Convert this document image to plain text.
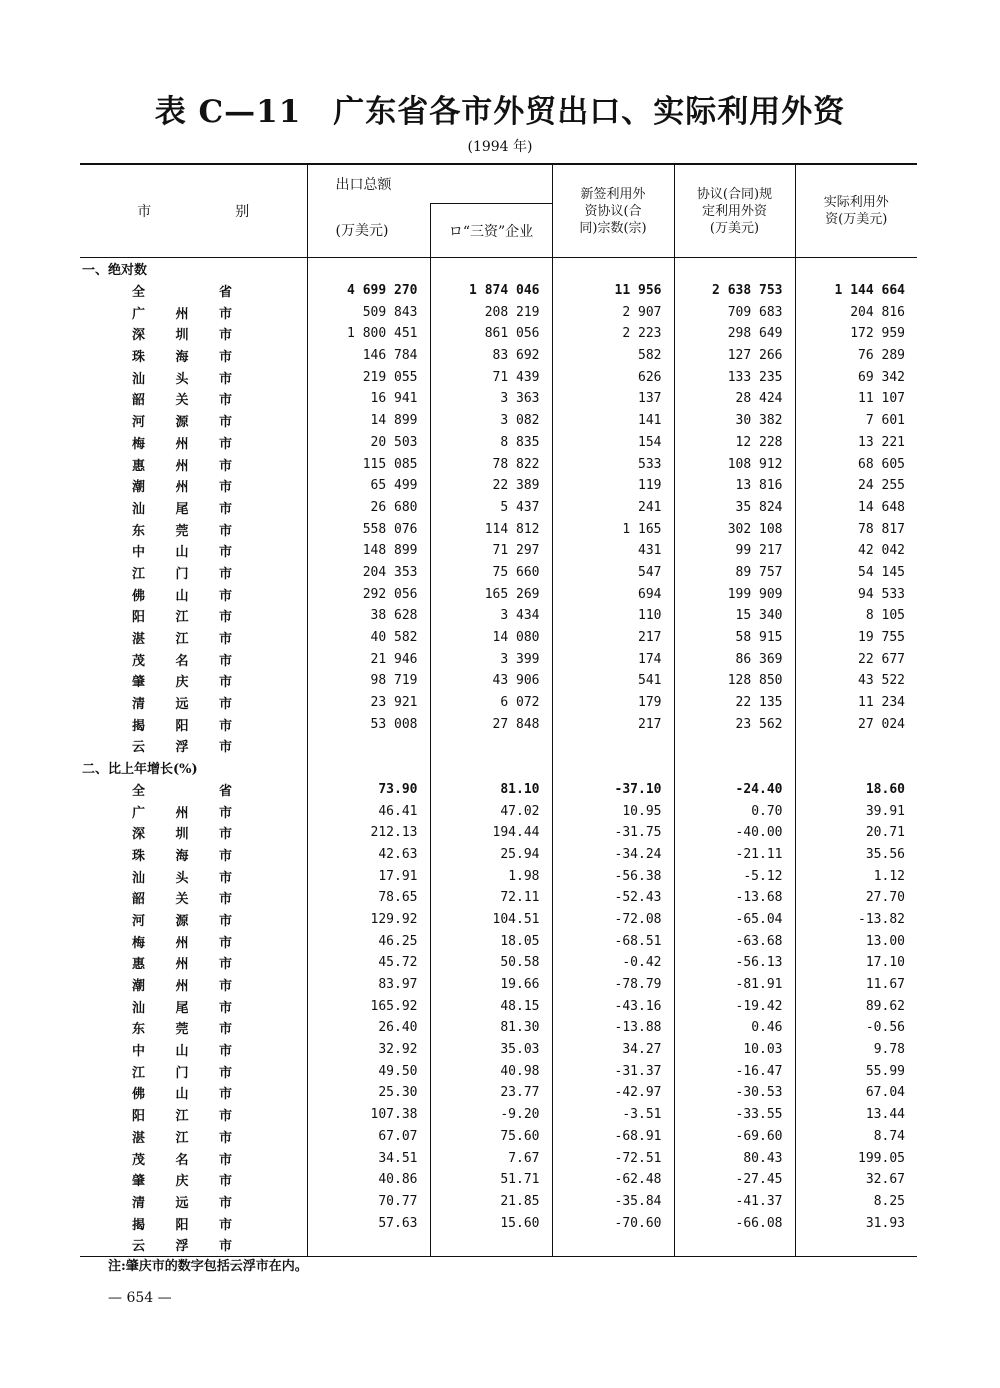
表 C—11　广东省各市外贸出口、实际利用外资
(1994 年)
市　　　　　　别	出口总额		新签利用外资协议(合　同)宗数(宗)	协议(合同)规定利用外资(万美元)	实际利用外　　资(万美元)

	(万美元)	ロ“三资”企业			
一、绝对数					
全　省	4 699 270	1 874 046	11 956	2 638 753	1 144 664
广州市	509 843	208 219	2 907	709 683	204 816
深圳市	1 800 451	861 056	2 223	298 649	172 959
珠海市	146 784	83 692	582	127 266	76 289
汕头市	219 055	71 439	626	133 235	69 342
韶关市	16 941	3 363	137	28 424	11 107
河源市	14 899	3 082	141	30 382	7 601
梅州市	20 503	8 835	154	12 228	13 221
惠州市	115 085	78 822	533	108 912	68 605
潮州市	65 499	22 389	119	13 816	24 255
汕尾市	26 680	5 437	241	35 824	14 648
东莞市	558 076	114 812	1 165	302 108	78 817
中山市	148 899	71 297	431	99 217	42 042
江门市	204 353	75 660	547	89 757	54 145
佛山市	292 056	165 269	694	199 909	94 533
阳江市	38 628	3 434	110	15 340	8 105
湛江市	40 582	14 080	217	58 915	19 755
茂名市	21 946	3 399	174	86 369	22 677
肇庆市	98 719	43 906	541	128 850	43 522
清远市	23 921	6 072	179	22 135	11 234
揭阳市	53 008	27 848	217	23 562	27 024
云浮市					
二、比上年增长(%)					
全　省	73.90	81.10	-37.10	-24.40	18.60
广州市	46.41	47.02	10.95	0.70	39.91
深圳市	212.13	194.44	-31.75	-40.00	20.71
珠海市	42.63	25.94	-34.24	-21.11	35.56
汕头市	17.91	1.98	-56.38	-5.12	1.12
韶关市	78.65	72.11	-52.43	-13.68	27.70
河源市	129.92	104.51	-72.08	-65.04	-13.82
梅州市	46.25	18.05	-68.51	-63.68	13.00
惠州市	45.72	50.58	-0.42	-56.13	17.10
潮州市	83.97	19.66	-78.79	-81.91	11.67
汕尾市	165.92	48.15	-43.16	-19.42	89.62
东莞市	26.40	81.30	-13.88	0.46	-0.56
中山市	32.92	35.03	34.27	10.03	9.78
江门市	49.50	40.98	-31.37	-16.47	55.99
佛山市	25.30	23.77	-42.97	-30.53	67.04
阳江市	107.38	-9.20	-3.51	-33.55	13.44
湛江市	67.07	75.60	-68.91	-69.60	8.74
茂名市	34.51	7.67	-72.51	80.43	199.05
肇庆市	40.86	51.71	-62.48	-27.45	32.67
清远市	70.77	21.85	-35.84	-41.37	8.25
揭阳市	57.63	15.60	-70.60	-66.08	31.93
云浮市					
注:肇庆市的数字包括云浮市在内。
— 654 —
